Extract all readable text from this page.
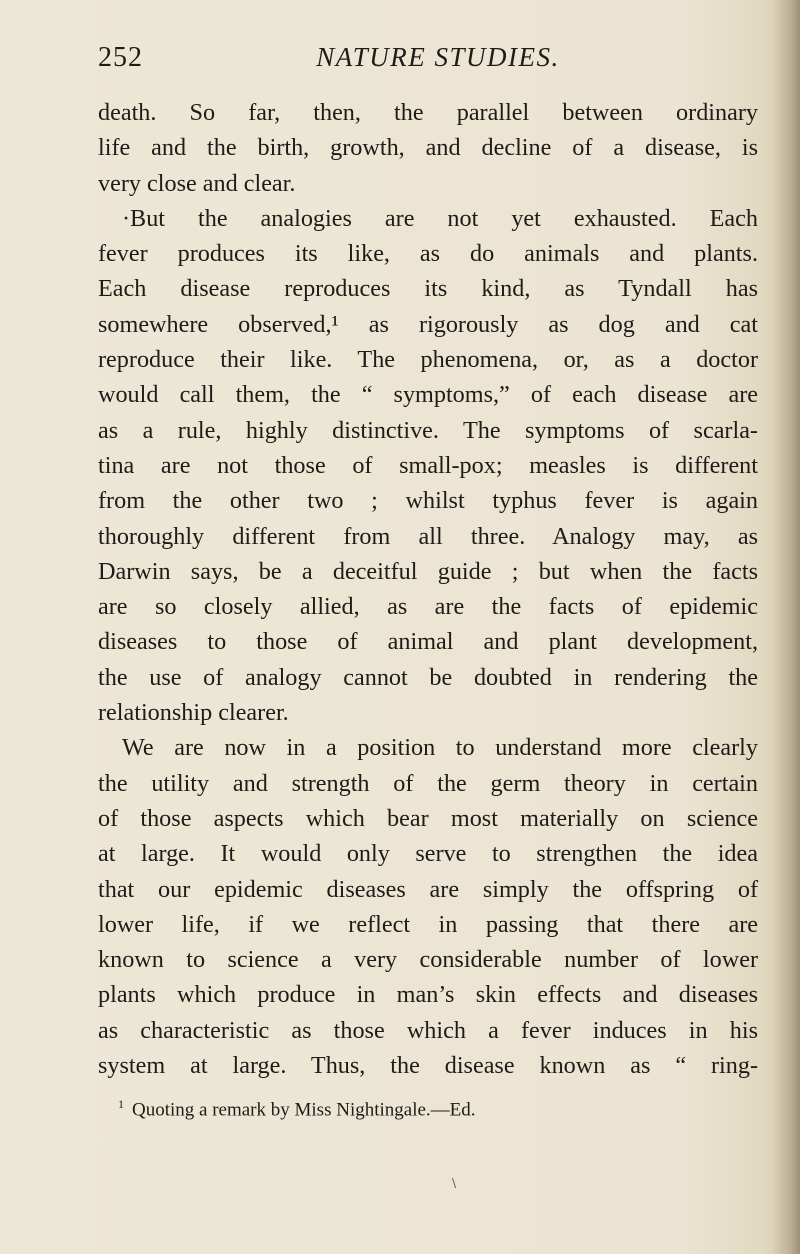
252	NATURE STUDIES.
death. So far, then, the parallel between ordinary
life and the birth, growth, and decline of a disease, is
very close and clear.
·But the analogies are not yet exhausted. Each
fever produces its like, as do animals and plants.
Each disease reproduces its kind, as Tyndall has
somewhere observed,¹ as rigorously as dog and cat
reproduce their like. The phenomena, or, as a doctor
would call them, the “ symptoms,” of each disease are
as a rule, highly distinctive. The symptoms of scarla-
tina are not those of small-pox; measles is different
from the other two ; whilst typhus fever is again
thoroughly different from all three. Analogy may, as
Darwin says, be a deceitful guide ; but when the facts
are so closely allied, as are the facts of epidemic
diseases to those of animal and plant development,
the use of analogy cannot be doubted in rendering the
relationship clearer.
We are now in a position to understand more clearly
the utility and strength of the germ theory in certain
of those aspects which bear most materially on science
at large. It would only serve to strengthen the idea
that our epidemic diseases are simply the offspring of
lower life, if we reflect in passing that there are
known to science a very considerable number of lower
plants which produce in man’s skin effects and diseases
as characteristic as those which a fever induces in his
system at large. Thus, the disease known as “ ring-
$^1$ Quoting a remark by Miss Nightingale.—Ed.
\
